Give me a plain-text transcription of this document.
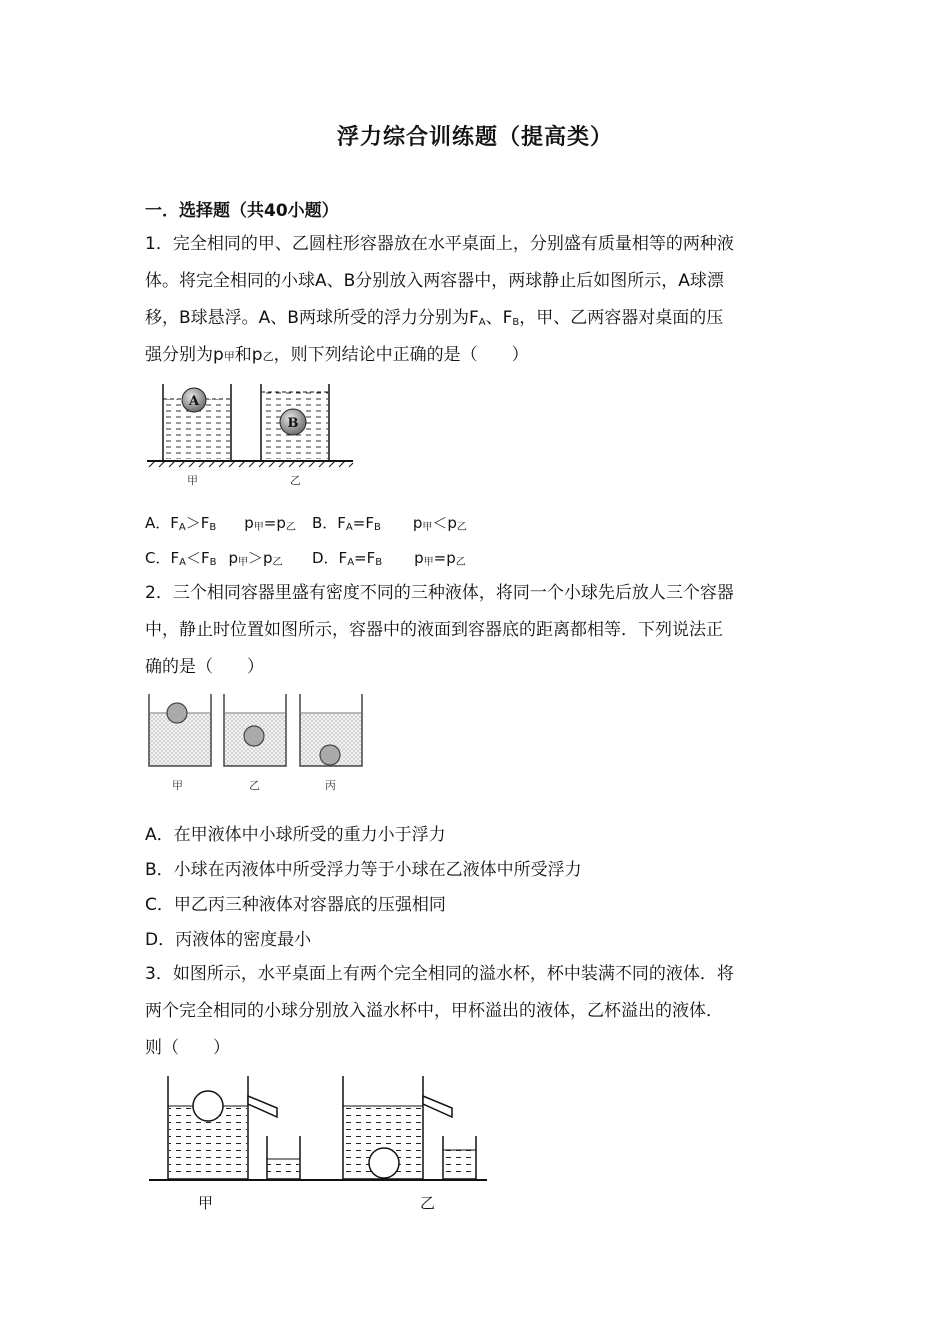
浮力综合训练题（提高类）
一．选择题（共40小题）
1．完全相同的甲、乙圆柱形容器放在水平桌面上，分别盛有质量相等的两种液
体。将完全相同的小球A、B分别放入两容器中，两球静止后如图所示，A球漂
移，B球悬浮。A、B两球所受的浮力分别为$F_A$、$F_B$，甲、乙两容器对桌面的压
强分别为p甲和p乙，则下列结论中正确的是（　　）
A
B
甲	乙
A．$F_A>F_B$ $p_甲=p_乙$ B．$F_A=F_B$ $p_甲<p_乙$
C．$F_A<F_B$ $p_甲>p_乙$ D．$F_A=F_B$ $p_甲=p_乙$
2．三个相同容器里盛有密度不同的三种液体，将同一个小球先后放人三个容器
中，静止时位置如图所示，容器中的液面到容器底的距离都相等．下列说法正
确的是（　　）
甲	乙	丙
A．在甲液体中小球所受的重力小于浮力
B．小球在丙液体中所受浮力等于小球在乙液体中所受浮力
C．甲乙丙三种液体对容器底的压强相同
D．丙液体的密度最小
3．如图所示，水平桌面上有两个完全相同的溢水杯，杯中装满不同的液体．将
两个完全相同的小球分别放入溢水杯中，甲杯溢出的液体，乙杯溢出的液体．
则（　　）
甲	乙
